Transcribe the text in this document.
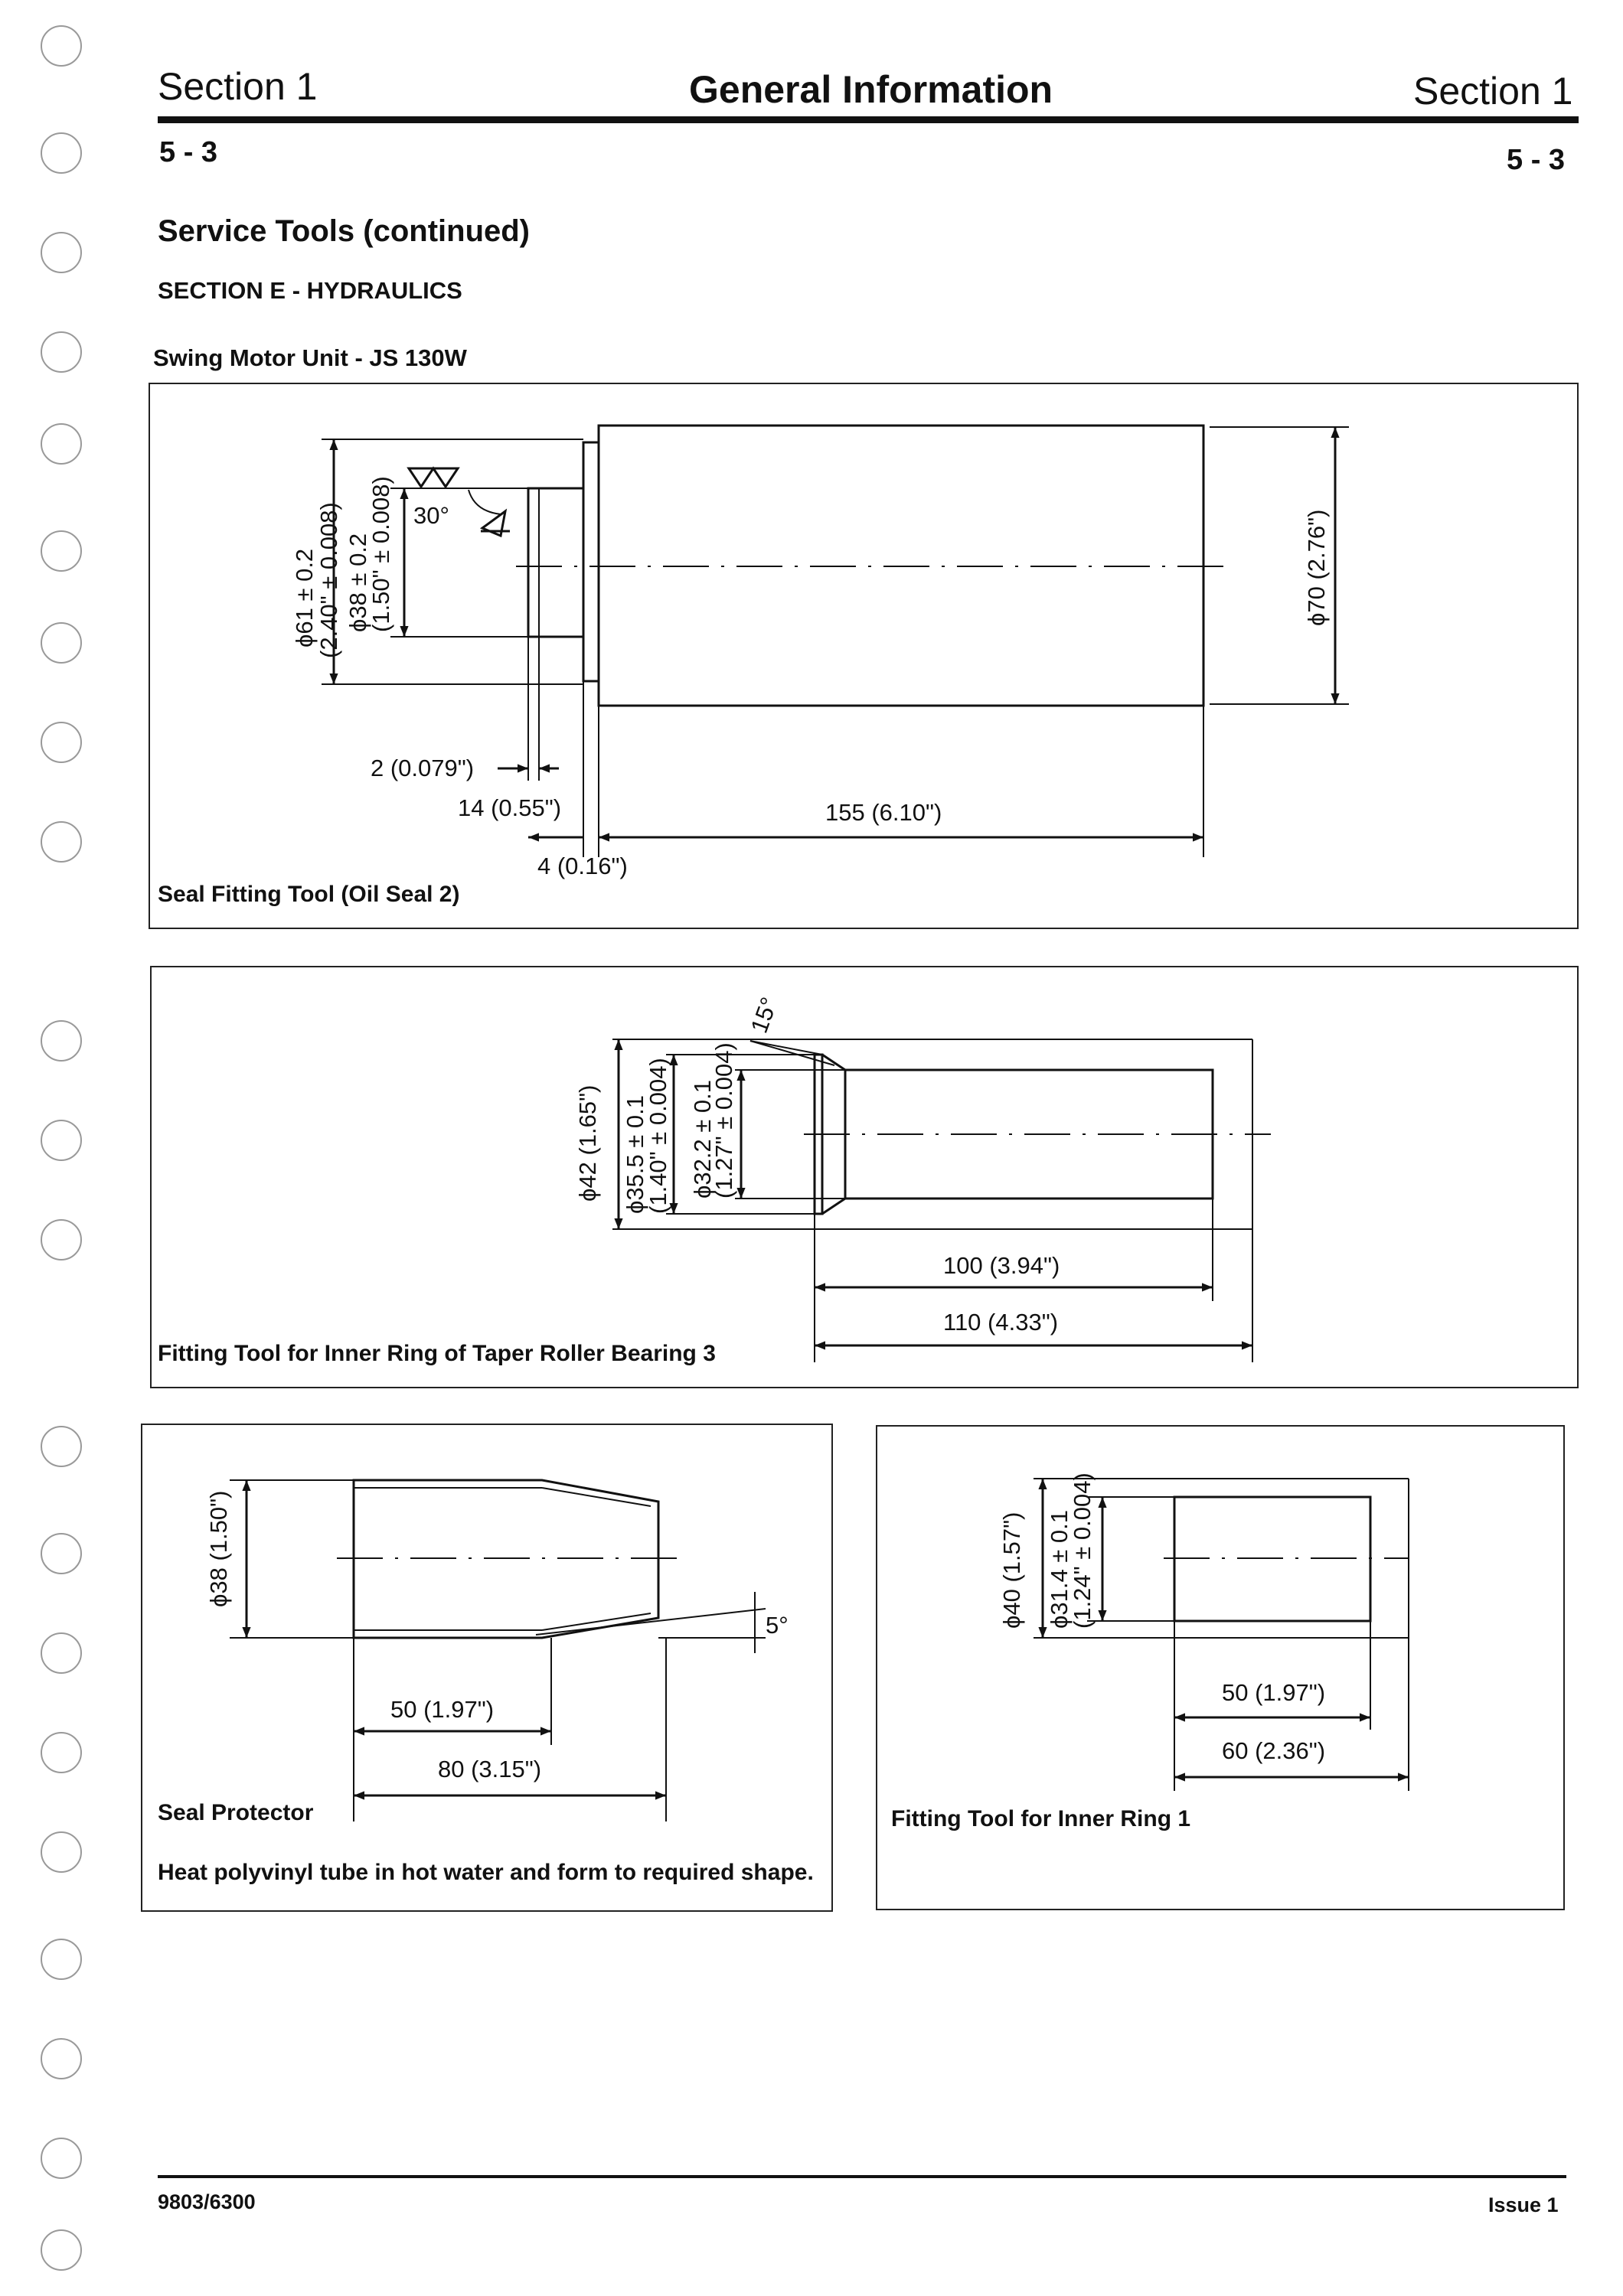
Section 1	General Information	Section 1
5 - 3	5 - 3
Service Tools (continued)
SECTION E - HYDRAULICS
Swing Motor Unit - JS 130W
Seal Fitting Tool (Oil Seal 2)
Fitting Tool for Inner Ring of Taper Roller Bearing 3
Seal Protector
Heat polyvinyl tube in hot water and form to required shape.
Fitting Tool for Inner Ring 1
ϕ61 ± 0.2
(2.40" ± 0.008) ϕ38 ± 0.2
(1.50" ± 0.008)	ϕ70 (2.76")
30°
2 (0.079")
14 (0.55")	155 (6.10")
4 (0.16")
ϕ42 (1.65") ϕ35.5 ± 0.1
(1.40" ± 0.004) ϕ32.2 ± 0.1
(1.27" ± 0.004)
15°
100 (3.94")
110 (4.33")
ϕ38 (1.50")
5°
50 (1.97")
80 (3.15")
ϕ40 (1.57") ϕ31.4 ± 0.1
(1.24" ± 0.004)
50 (1.97")
60 (2.36")
9803/6300	Issue 1
